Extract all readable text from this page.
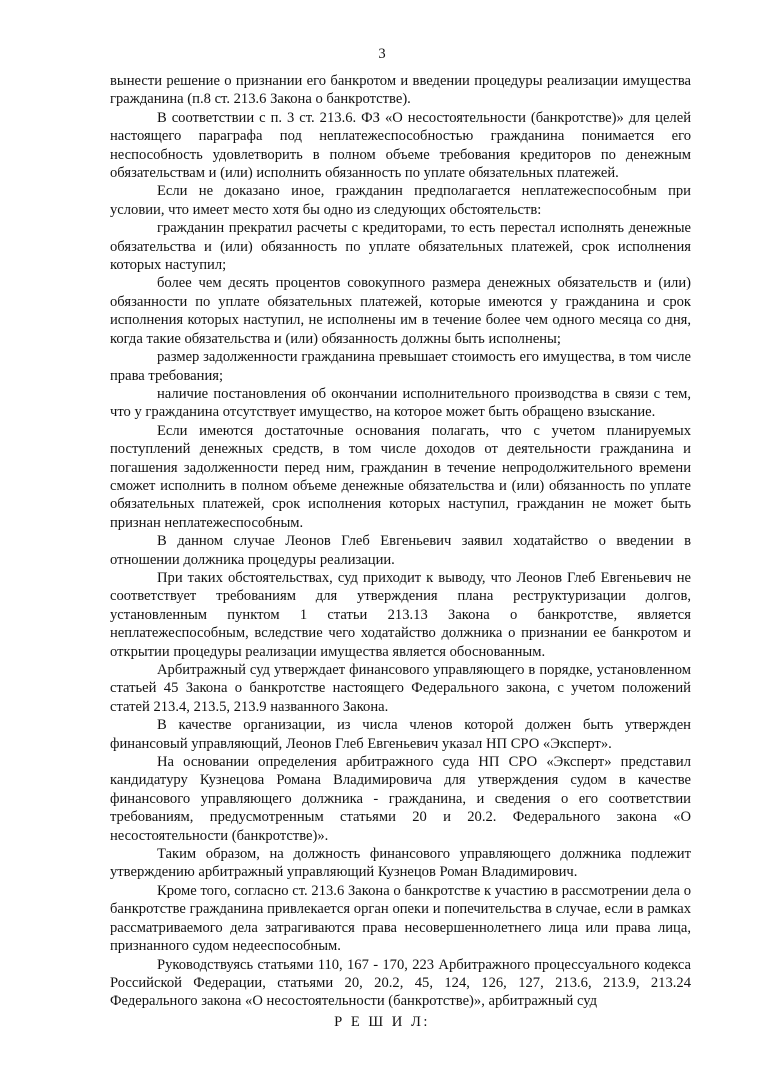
3

вынести решение о признании его банкротом и введении процедуры реализации имущества гражданина (п.8 ст. 213.6 Закона о банкротстве).

В соответствии с п. 3 ст. 213.6. ФЗ «О несостоятельности (банкротстве)» для целей настоящего параграфа под неплатежеспособностью гражданина понимается его неспособность удовлетворить в полном объеме требования кредиторов по денежным обязательствам и (или) исполнить обязанность по уплате обязательных платежей.

Если не доказано иное, гражданин предполагается неплатежеспособным при условии, что имеет место хотя бы одно из следующих обстоятельств:

гражданин прекратил расчеты с кредиторами, то есть перестал исполнять денежные обязательства и (или) обязанность по уплате обязательных платежей, срок исполнения которых наступил;

более чем десять процентов совокупного размера денежных обязательств и (или) обязанности по уплате обязательных платежей, которые имеются у гражданина и срок исполнения которых наступил, не исполнены им в течение более чем одного месяца со дня, когда такие обязательства и (или) обязанность должны быть исполнены;

размер задолженности гражданина превышает стоимость его имущества, в том числе права требования;

наличие постановления об окончании исполнительного производства в связи с тем, что у гражданина отсутствует имущество, на которое может быть обращено взыскание.

Если имеются достаточные основания полагать, что с учетом планируемых поступлений денежных средств, в том числе доходов от деятельности гражданина и погашения задолженности перед ним, гражданин в течение непродолжительного времени сможет исполнить в полном объеме денежные обязательства и (или) обязанность по уплате обязательных платежей, срок исполнения которых наступил, гражданин не может быть признан неплатежеспособным.

В данном случае Леонов Глеб Евгеньевич заявил ходатайство о введении в отношении должника процедуры реализации.

При таких обстоятельствах, суд приходит к выводу, что Леонов Глеб Евгеньевич не соответствует требованиям для утверждения плана реструктуризации долгов, установленным пунктом 1 статьи 213.13 Закона о банкротстве, является неплатежеспособным, вследствие чего ходатайство должника о признании ее банкротом и открытии процедуры реализации имущества является обоснованным.

Арбитражный суд утверждает финансового управляющего в порядке, установленном статьей 45 Закона о банкротстве настоящего Федерального закона, с учетом положений статей 213.4, 213.5, 213.9 названного Закона.

В качестве организации, из числа членов которой должен быть утвержден финансовый управляющий, Леонов Глеб Евгеньевич указал НП СРО «Эксперт».

На основании определения арбитражного суда НП СРО «Эксперт» представил кандидатуру Кузнецова Романа Владимировича для утверждения судом в качестве финансового управляющего должника - гражданина, и сведения о его соответствии требованиям, предусмотренным статьями 20 и 20.2. Федерального закона «О несостоятельности (банкротстве)».

Таким образом, на должность финансового управляющего должника подлежит утверждению арбитражный управляющий Кузнецов Роман Владимирович.

Кроме того, согласно ст. 213.6 Закона о банкротстве к участию в рассмотрении дела о банкротстве гражданина привлекается орган опеки и попечительства в случае, если в рамках рассматриваемого дела затрагиваются права несовершеннолетнего лица или права лица, признанного судом недееспособным.

Руководствуясь статьями 110, 167 - 170, 223 Арбитражного процессуального кодекса Российской Федерации, статьями 20, 20.2, 45, 124, 126, 127, 213.6, 213.9, 213.24 Федерального закона «О несостоятельности (банкротстве)», арбитражный суд

Р Е Ш И Л:
